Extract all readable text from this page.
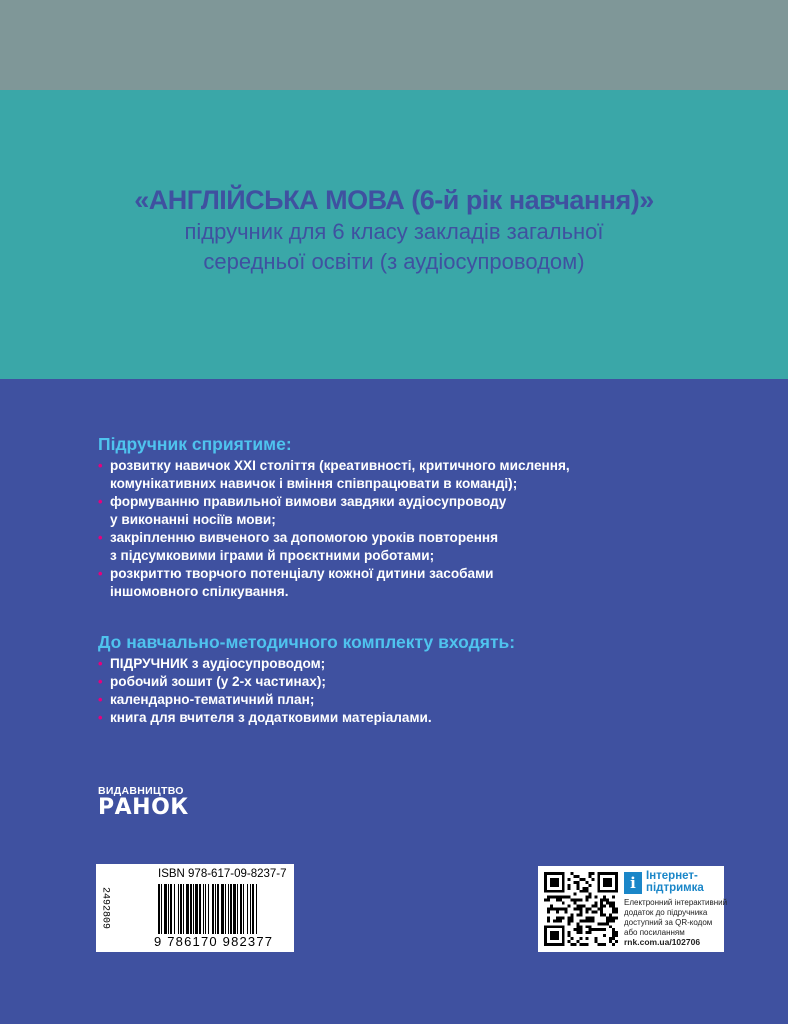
«АНГЛІЙСЬКА МОВА (6-й рік навчання)»
підручник для 6 класу закладів загальної
середньої освіти (з аудіосупроводом)
Підручник сприятиме:
• розвитку навичок XXI століття (креативності, критичного мислення,
комунікативних навичок і вміння співпрацювати в команді);
• формуванню правильної вимови завдяки аудіосупроводу
у виконанні носіїв мови;
• закріпленню вивченого за допомогою уроків повторення
з підсумковими іграми й проєктними роботами;
• розкриттю творчого потенціалу кожної дитини засобами
іншомовного спілкування.
До навчально-методичного комплекту входять:
• ПІДРУЧНИК з аудіосупроводом;
• робочий зошит (у 2-х частинах);
• календарно-тематичний план;
• книга для вчителя з додатковими матеріалами.
ВИДАВНИЦТВО
РАНОК
2492809
ISBN 978-617-09-8237-7
9 786170 982377
i Інтернет-
підтримка
Електронний інтерактивний
додаток до підручника
доступний за QR-кодом
або посиланням
rnk.com.ua/102706
